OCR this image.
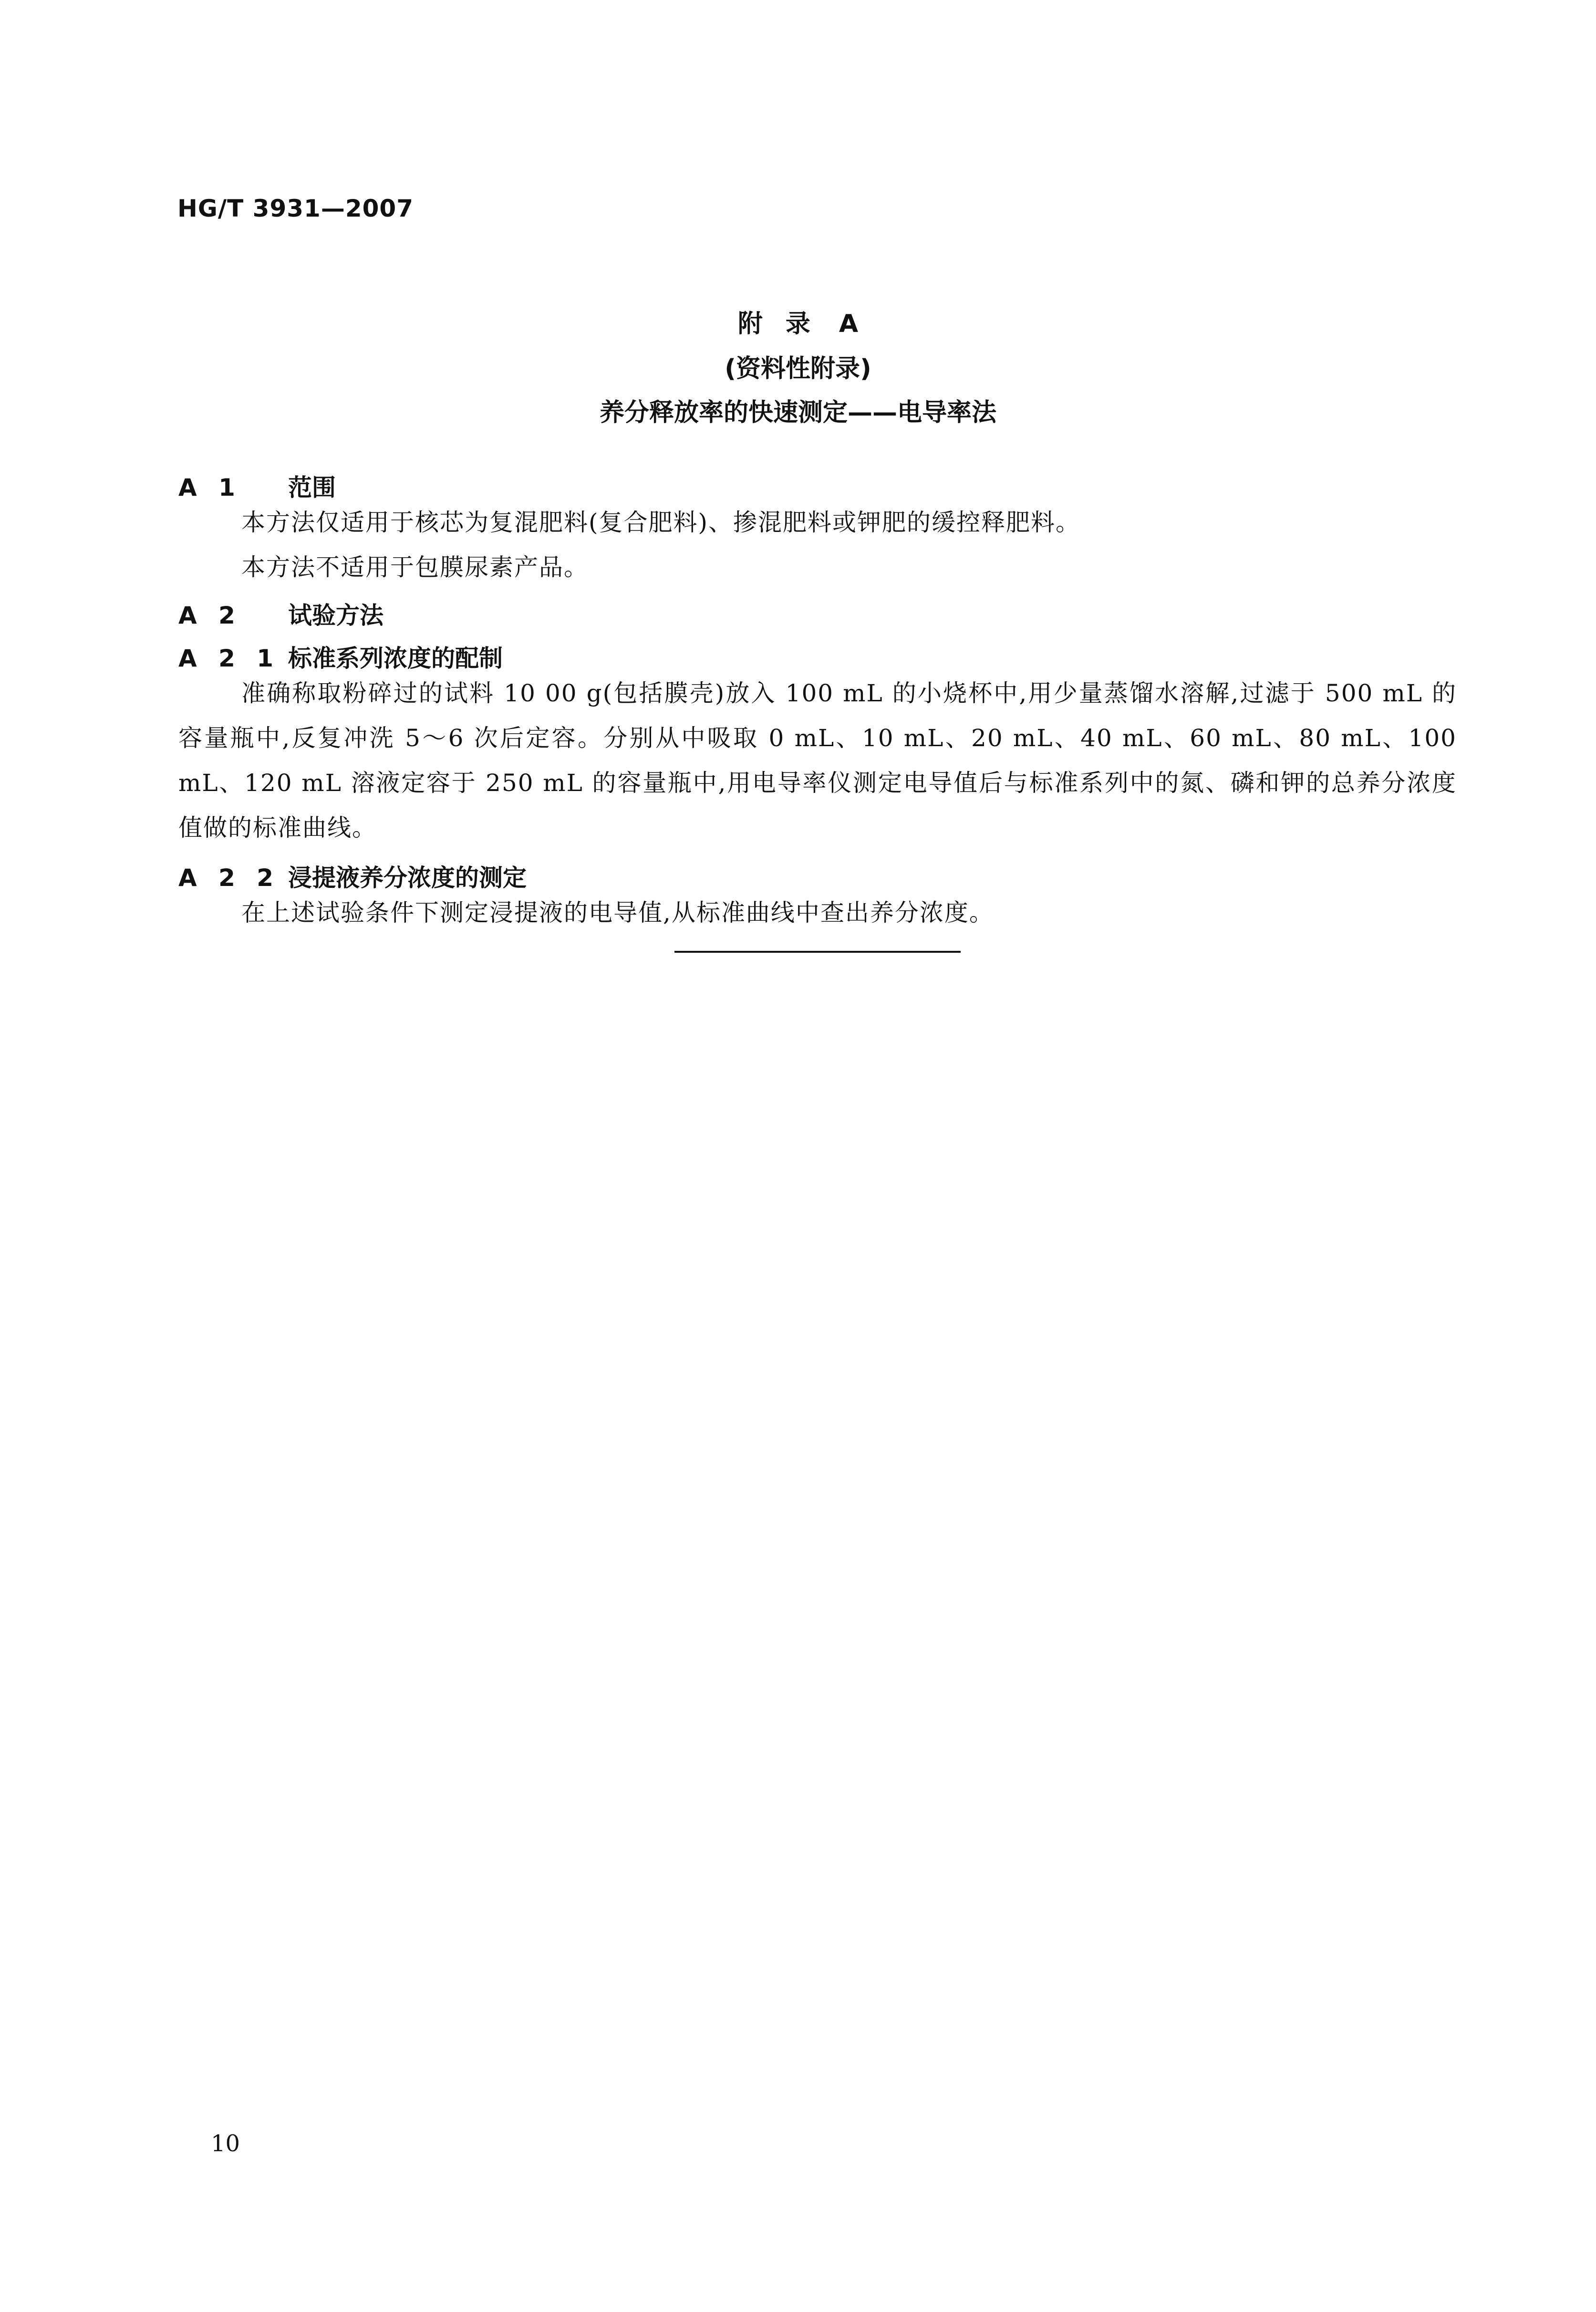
HG/T 3931—2007
附 录 A
(资料性附录)
养分释放率的快速测定——电导率法
A 1 范围
本方法仅适用于核芯为复混肥料(复合肥料)、掺混肥料或钾肥的缓控释肥料。
本方法不适用于包膜尿素产品。
A 2 试验方法
A 2 1 标准系列浓度的配制
准确称取粉碎过的试料 10 00 g(包括膜壳)放入 100 mL 的小烧杯中,用少量蒸馏水溶解,过滤于 500 mL 的容量瓶中,反复冲洗 5～6 次后定容。分别从中吸取 0 mL、10 mL、20 mL、40 mL、60 mL、80 mL、100 mL、120 mL 溶液定容于 250 mL 的容量瓶中,用电导率仪测定电导值后与标准系列中的氮、磷和钾的总养分浓度值做的标准曲线。
A 2 2 浸提液养分浓度的测定
在上述试验条件下测定浸提液的电导值,从标准曲线中查出养分浓度。
10
